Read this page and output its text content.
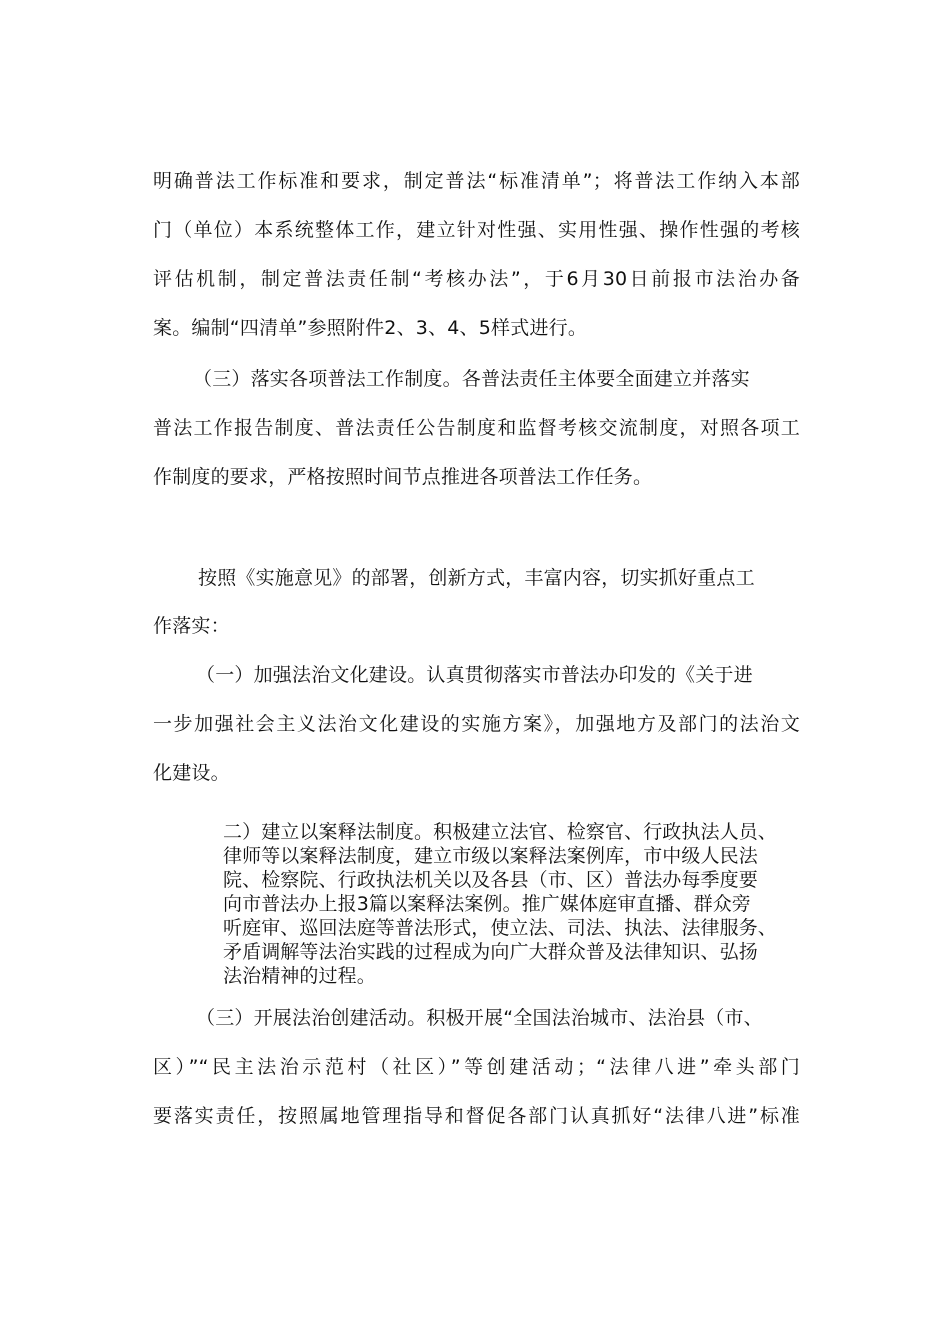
明确普法工作标准和要求，制定普法“标准清单”；将普法工作纳入本部
门（单位）本系统整体工作，建立针对性强、实用性强、操作性强的考核
评估机制，制定普法责任制“考核办法”，于6月30日前报市法治办备
案。编制“四清单”参照附件2、3、4、5样式进行。
（三）落实各项普法工作制度。各普法责任主体要全面建立并落实
普法工作报告制度、普法责任公告制度和监督考核交流制度，对照各项工
作制度的要求，严格按照时间节点推进各项普法工作任务。
按照《实施意见》的部署，创新方式，丰富内容，切实抓好重点工
作落实：
（一）加强法治文化建设。认真贯彻落实市普法办印发的《关于进
一步加强社会主义法治文化建设的实施方案》，加强地方及部门的法治文
化建设。
二）建立以案释法制度。积极建立法官、检察官、行政执法人员、
律师等以案释法制度，建立市级以案释法案例库，市中级人民法
院、检察院、行政执法机关以及各县（市、区）普法办每季度要
向市普法办上报3篇以案释法案例。推广媒体庭审直播、群众旁
听庭审、巡回法庭等普法形式，使立法、司法、执法、法律服务、
矛盾调解等法治实践的过程成为向广大群众普及法律知识、弘扬
法治精神的过程。
（三）开展法治创建活动。积极开展“全国法治城市、法治县（市、
区）”“民主法治示范村（社区）”等创建活动；“法律八进”牵头部门
要落实责任，按照属地管理指导和督促各部门认真抓好“法律八进”标准
